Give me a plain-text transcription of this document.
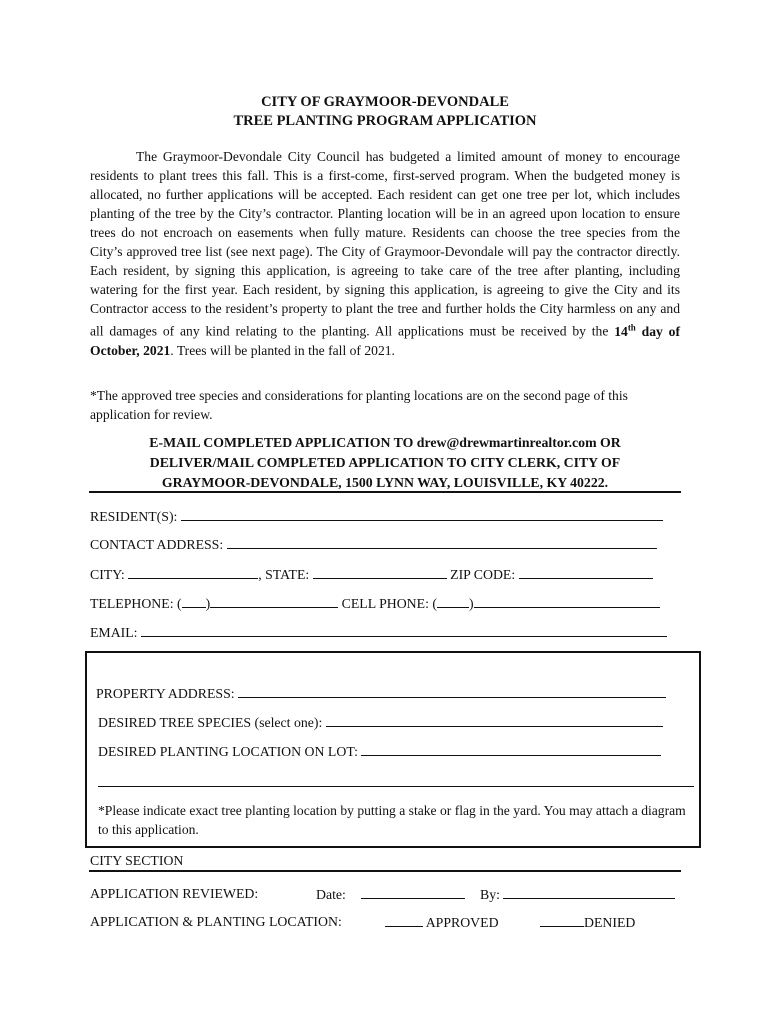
CITY OF GRAYMOOR-DEVONDALE
TREE PLANTING PROGRAM APPLICATION
The Graymoor-Devondale City Council has budgeted a limited amount of money to encourage residents to plant trees this fall. This is a first-come, first-served program. When the budgeted money is allocated, no further applications will be accepted. Each resident can get one tree per lot, which includes planting of the tree by the City’s contractor. Planting location will be in an agreed upon location to ensure trees do not encroach on easements when fully mature. Residents can choose the tree species from the City’s approved tree list (see next page). The City of Graymoor-Devondale will pay the contractor directly. Each resident, by signing this application, is agreeing to take care of the tree after planting, including watering for the first year. Each resident, by signing this application, is agreeing to give the City and its Contractor access to the resident’s property to plant the tree and further holds the City harmless on any and all damages of any kind relating to the planting. All applications must be received by the 14th day of October, 2021. Trees will be planted in the fall of 2021.
*The approved tree species and considerations for planting locations are on the second page of this application for review.
E-MAIL COMPLETED APPLICATION TO drew@drewmartinrealtor.com OR
DELIVER/MAIL COMPLETED APPLICATION TO CITY CLERK, CITY OF
GRAYMOOR-DEVONDALE, 1500 LYNN WAY, LOUISVILLE, KY 40222.
RESIDENT(S):
CONTACT ADDRESS:
CITY:	, STATE:	ZIP CODE:
TELEPHONE: ( )	CELL PHONE: ( )
EMAIL:
PROPERTY ADDRESS:
DESIRED TREE SPECIES (select one):
DESIRED PLANTING LOCATION ON LOT:
*Please indicate exact tree planting location by putting a stake or flag in the yard. You may attach a diagram to this application.
CITY SECTION
APPLICATION REVIEWED:	Date:	By:
APPLICATION & PLANTING LOCATION:	APPROVED	DENIED
